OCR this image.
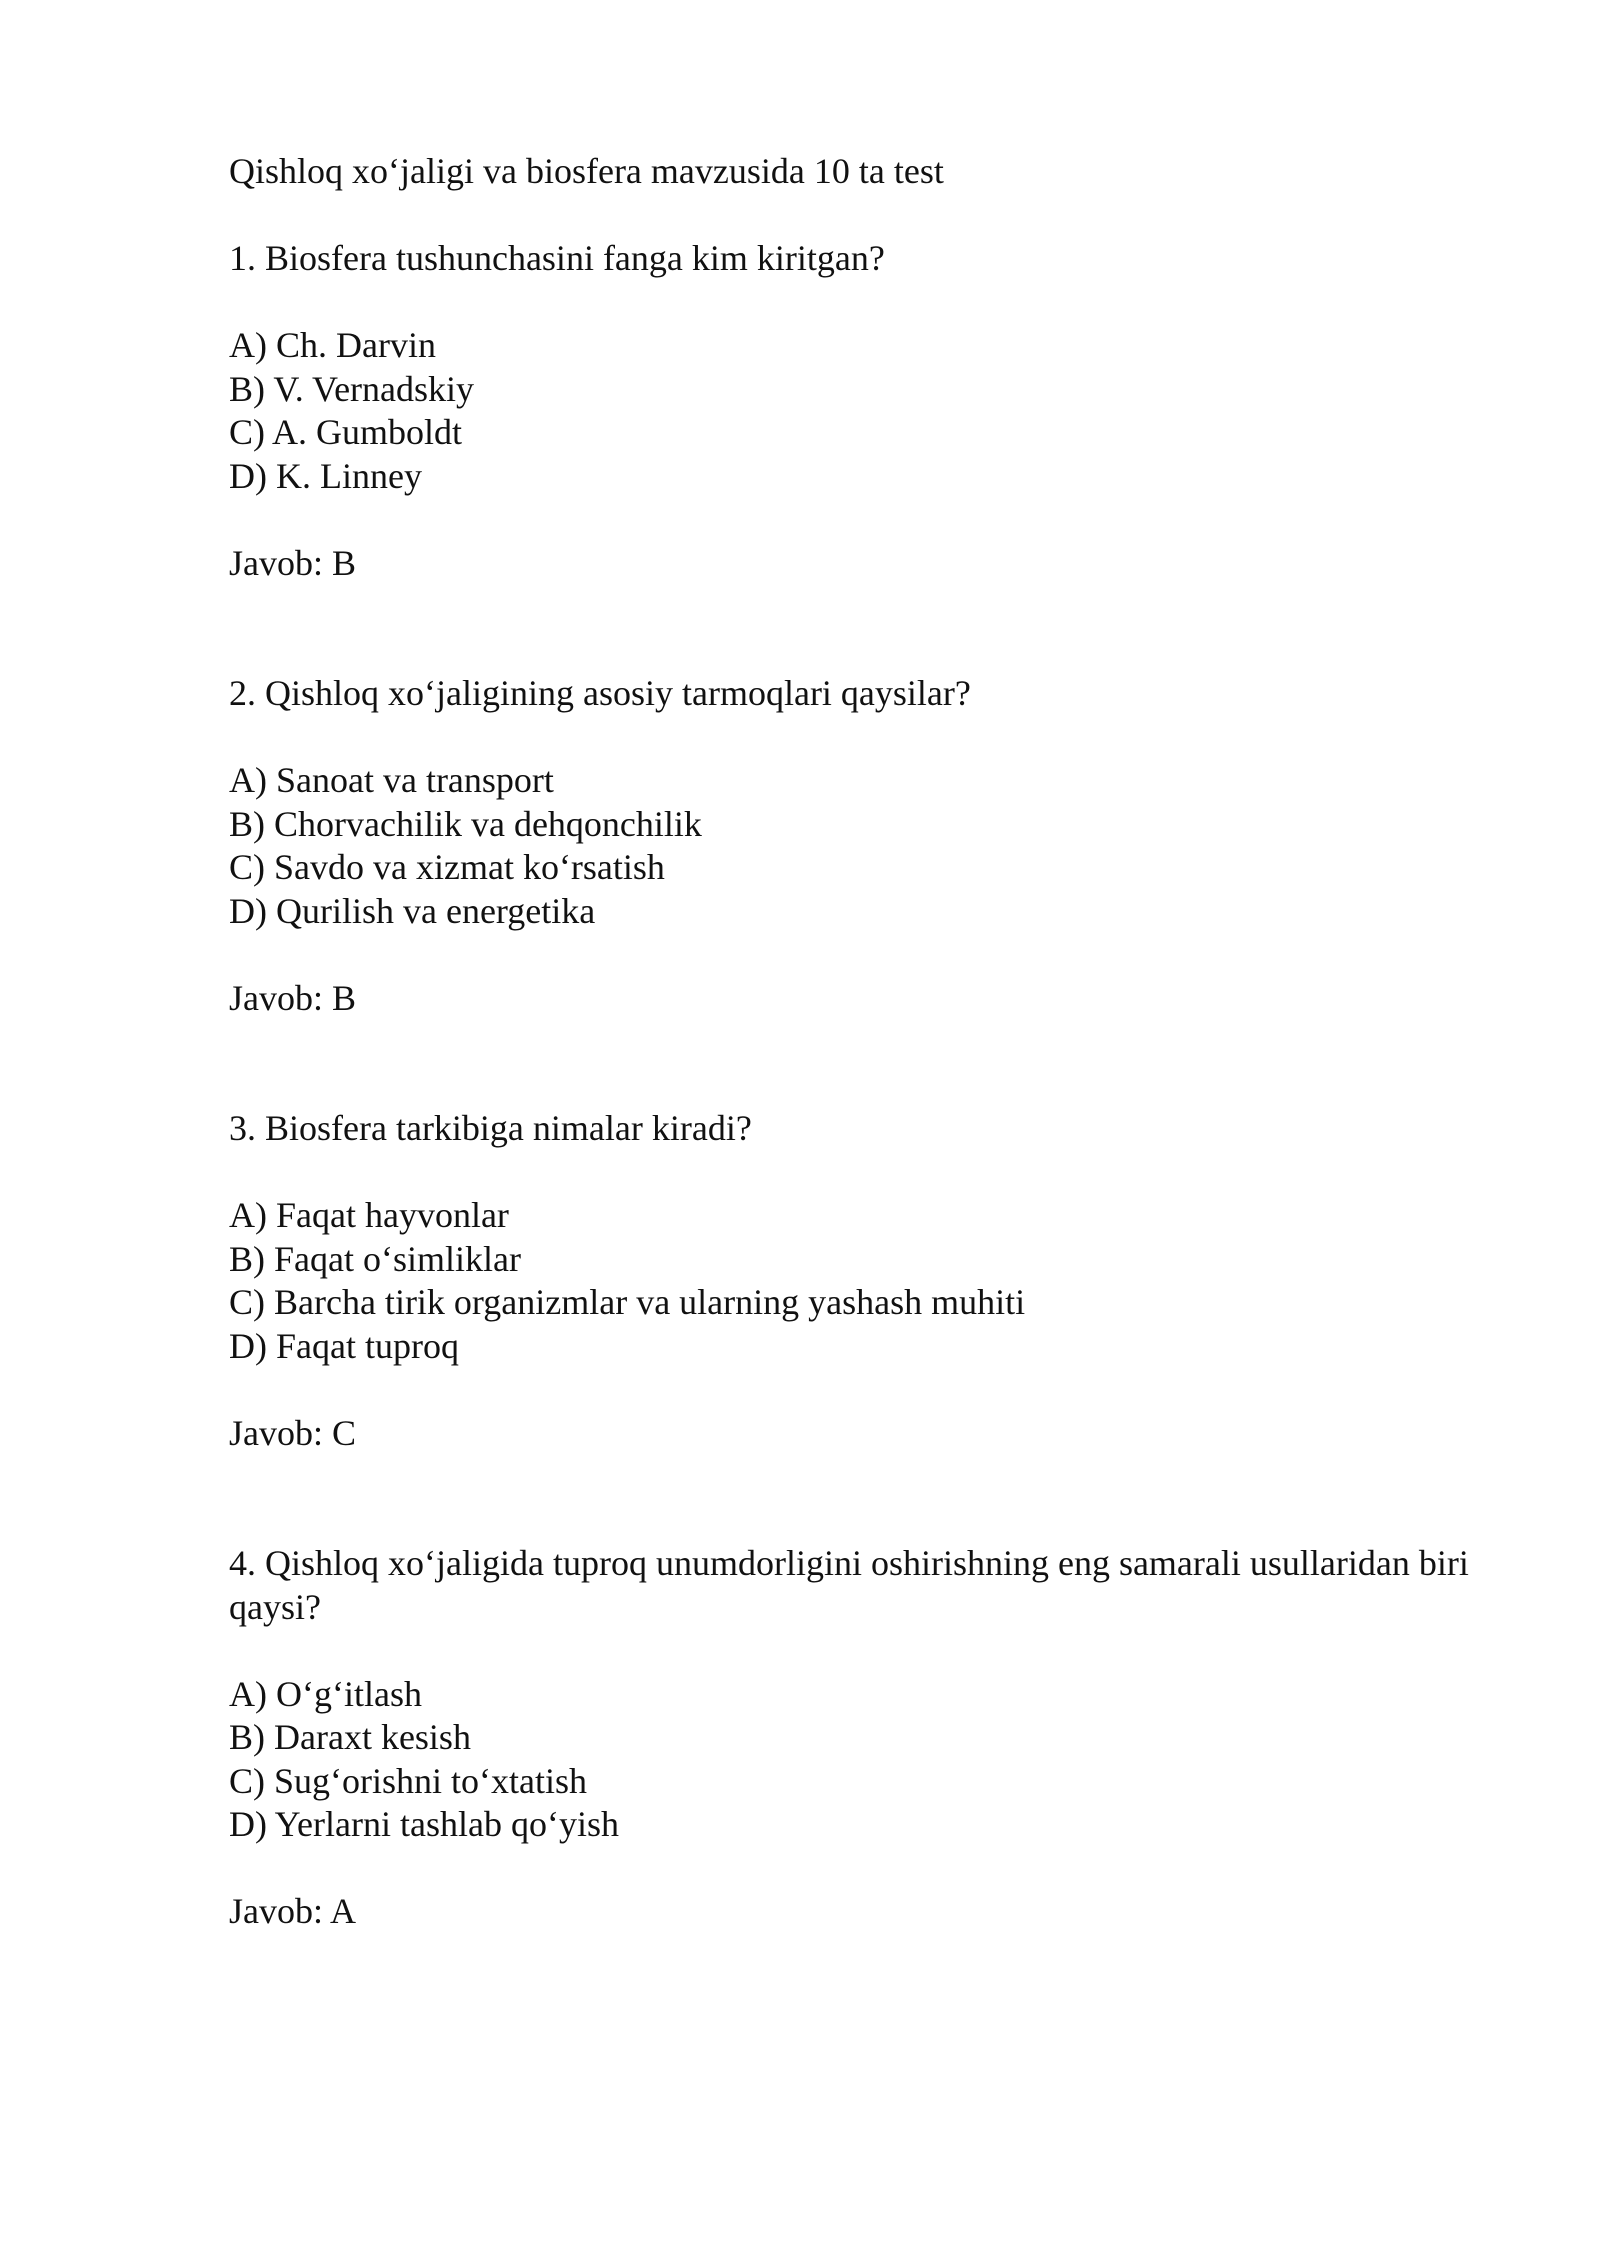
Qishloq xo‘jaligi va biosfera mavzusida 10 ta test

1. Biosfera tushunchasini fanga kim kiritgan?

A) Ch. Darvin

B) V. Vernadskiy

C) A. Gumboldt

D) K. Linney

Javob: B

2. Qishloq xo‘jaligining asosiy tarmoqlari qaysilar?

A) Sanoat va transport

B) Chorvachilik va dehqonchilik

C) Savdo va xizmat ko‘rsatish

D) Qurilish va energetika

Javob: B

3. Biosfera tarkibiga nimalar kiradi?

A) Faqat hayvonlar

B) Faqat o‘simliklar

C) Barcha tirik organizmlar va ularning yashash muhiti

D) Faqat tuproq

Javob: C

4. Qishloq xo‘jaligida tuproq unumdorligini oshirishning eng samarali usullaridan biri qaysi?

A) O‘g‘itlash

B) Daraxt kesish

C) Sug‘orishni to‘xtatish

D) Yerlarni tashlab qo‘yish

Javob: A
